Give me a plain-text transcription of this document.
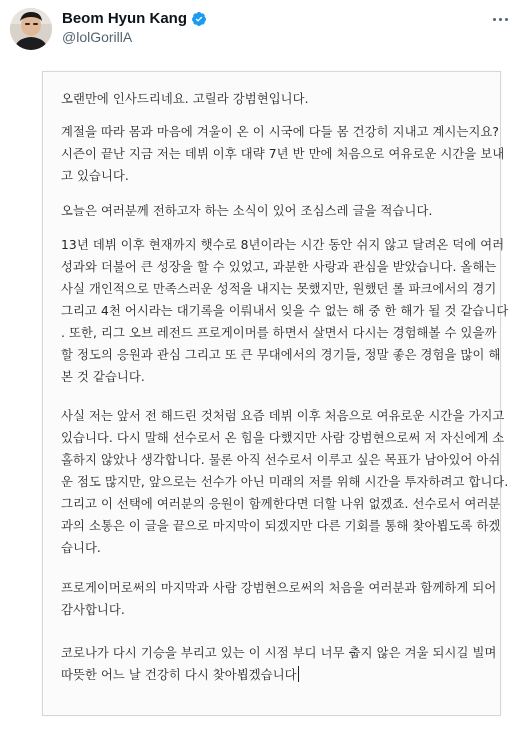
Beom Hyun Kang
@lolGorillA
오랜만에 인사드리네요. 고릴라 강범현입니다.
계절을 따라 몸과 마음에 겨울이 온 이 시국에 다들 몸 건강히 지내고 계시는지요?
시즌이 끝난 지금 저는 데뷔 이후 대략 7년 반 만에 처음으로 여유로운 시간을 보내
고 있습니다.
오늘은 여러분께 전하고자 하는 소식이 있어 조심스레 글을 적습니다.
13년 데뷔 이후 현재까지 햇수로 8년이라는 시간 동안 쉬지 않고 달려온 덕에 여러
성과와 더불어 큰 성장을 할 수 있었고, 과분한 사랑과 관심을 받았습니다. 올해는
사실 개인적으로 만족스러운 성적을 내지는 못했지만, 원했던 롤 파크에서의 경기
그리고 4천 어시라는 대기록을 이뤄내서 잊을 수 없는 해 중 한 해가 될 것 같습니다
. 또한, 리그 오브 레전드 프로게이머를 하면서 살면서 다시는 경험해볼 수 있을까
할 정도의 응원과 관심 그리고 또 큰 무대에서의 경기들, 정말 좋은 경험을 많이 해
본 것 같습니다.
사실 저는 앞서 전 해드린 것처럼 요즘 데뷔 이후 처음으로 여유로운 시간을 가지고
있습니다. 다시 말해 선수로서 온 힘을 다했지만 사람 강범현으로써 저 자신에게 소
홀하지 않았나 생각합니다. 물론 아직 선수로서 이루고 싶은 목표가 남아있어 아쉬
운 점도 많지만, 앞으로는 선수가 아닌 미래의 저를 위해 시간을 투자하려고 합니다.
그리고 이 선택에 여러분의 응원이 함께한다면 더할 나위 없겠죠. 선수로서 여러분
과의 소통은 이 글을 끝으로 마지막이 되겠지만 다른 기회를 통해 찾아뵙도록 하겠
습니다.
프로게이머로써의 마지막과 사람 강범현으로써의 처음을 여러분과 함께하게 되어
감사합니다.
코로나가 다시 기승을 부리고 있는 이 시점 부디 너무 춥지 않은 겨울 되시길 빌며
따뜻한 어느 날 건강히 다시 찾아뵙겠습니다
